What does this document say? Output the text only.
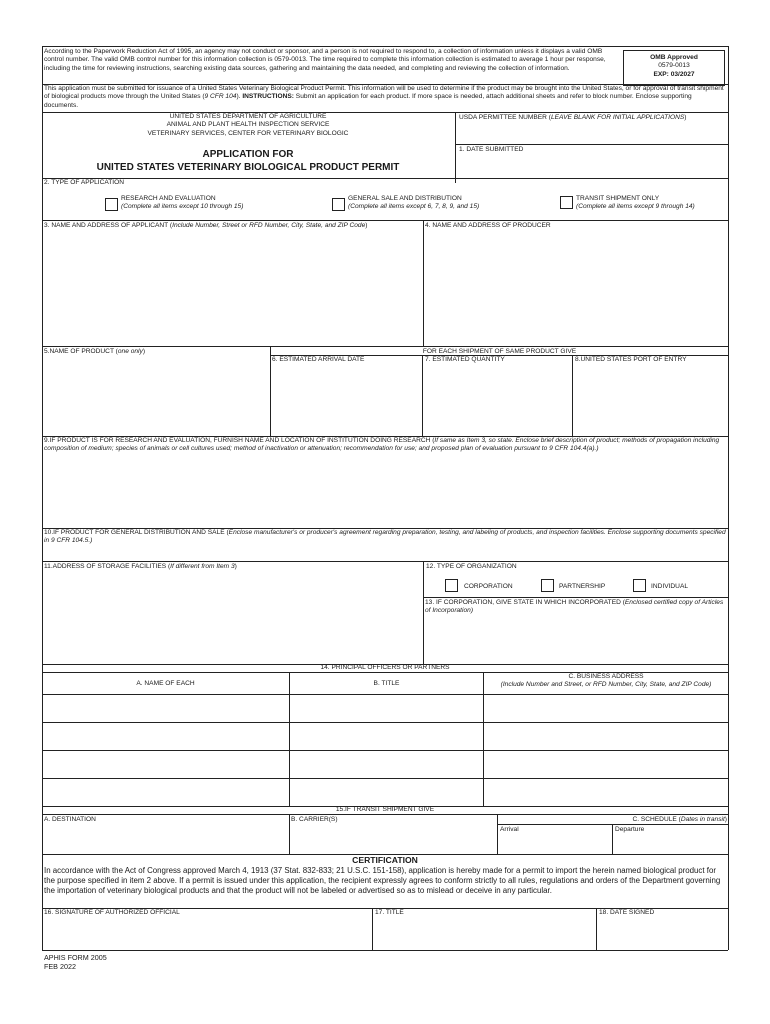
According to the Paperwork Reduction Act of 1995, an agency may not conduct or sponsor, and a person is not required to respond to, a collection of information unless it displays a valid OMB control number. The valid OMB control number for this information collection is 0579-0013. The time required to complete this information collection is estimated to average 1 hour per response, including the time for reviewing instructions, searching existing data sources, gathering and maintaining the data needed, and completing and reviewing the collection of information.
OMB Approved
0579-0013
EXP: 03/2027
This application must be submitted for issuance of a United States Veterinary Biological Product Permit. This information will be used to determine if the product may be brought into the United States, or for approval of transit shipment of biological products move through the United States (9 CFR 104). INSTRUCTIONS: Submit an application for each product. If more space is needed, attach additional sheets and refer to block number. Enclose supporting documents.
UNITED STATES DEPARTMENT OF AGRICULTURE
ANIMAL AND PLANT HEALTH INSPECTION SERVICE
VETERINARY SERVICES, CENTER FOR VETERINARY BIOLOGIC
USDA PERMITTEE NUMBER (LEAVE BLANK FOR INITIAL APPLICATIONS)
APPLICATION FOR
UNITED STATES VETERINARY BIOLOGICAL PRODUCT PERMIT
1. DATE SUBMITTED
2. TYPE OF APPLICATION
RESEARCH AND EVALUATION
(Complete all items except 10 through 15)
GENERAL SALE AND DISTRIBUTION
(Complete all items except 6, 7, 8, 9, and 15)
TRANSIT SHIPMENT ONLY
(Complete all items except 9 through 14)
3. NAME AND ADDRESS OF APPLICANT (Include Number, Street or RFD Number, City, State, and ZIP Code)	4. NAME AND ADDRESS OF PRODUCER
5.NAME OF PRODUCT (one only)	FOR EACH SHIPMENT OF SAME PRODUCT GIVE
6. ESTIMATED ARRIVAL DATE	7. ESTIMATED QUANTITY	8.UNITED STATES PORT OF ENTRY
9.IF PRODUCT IS FOR RESEARCH AND EVALUATION, FURNISH NAME AND LOCATION OF INSTITUTION DOING RESEARCH (If same as Item 3, so state. Enclose brief description of product; methods of propagation including composition of medium; species of animals or cell cultures used; method of inactivation or attenuation; recommendation for use; and proposed plan of evaluation pursuant to 9 CFR 104.4(a).)
10.IF PRODUCT FOR GENERAL DISTRIBUTION AND SALE (Enclose manufacturer's or producer's agreement regarding preparation, testing, and labeling of products, and inspection facilities. Enclose supporting documents specified in 9 CFR 104.5.)
11.ADDRESS OF STORAGE FACILITIES (If different from Item 3)	12. TYPE OF ORGANIZATION
CORPORATION	PARTNERSHIP	INDIVIDUAL
13. IF CORPORATION, GIVE STATE IN WHICH INCORPORATED (Enclosed certified copy of Articles of Incorporation)
14. PRINCIPAL OFFICERS OR PARTNERS
A. NAME OF EACH	B. TITLE
C. BUSINESS ADDRESS
(Include Number and Street, or RFD Number, City, State, and ZIP Code)
15.IF TRANSIT SHIPMENT GIVE
A. DESTINATION	B. CARRIER(S)	C. SCHEDULE (Dates in transit)
Arrival	Departure
CERTIFICATION
In accordance with the Act of Congress approved March 4, 1913 (37 Stat. 832-833; 21 U.S.C. 151-158), application is hereby made for a permit to import the herein named biological product for the purpose specified in item 2 above. If a permit is issued under this application, the recipient expressly agrees to conform strictly to all rules, regulations and orders of the Department governing the importation of veterinary biological products and that the product will not be labeled or advertised so as to mislead or deceive in any particular.
16. SIGNATURE OF AUTHORIZED OFFICIAL	17. TITLE	18. DATE SIGNED
APHIS FORM 2005
FEB 2022
